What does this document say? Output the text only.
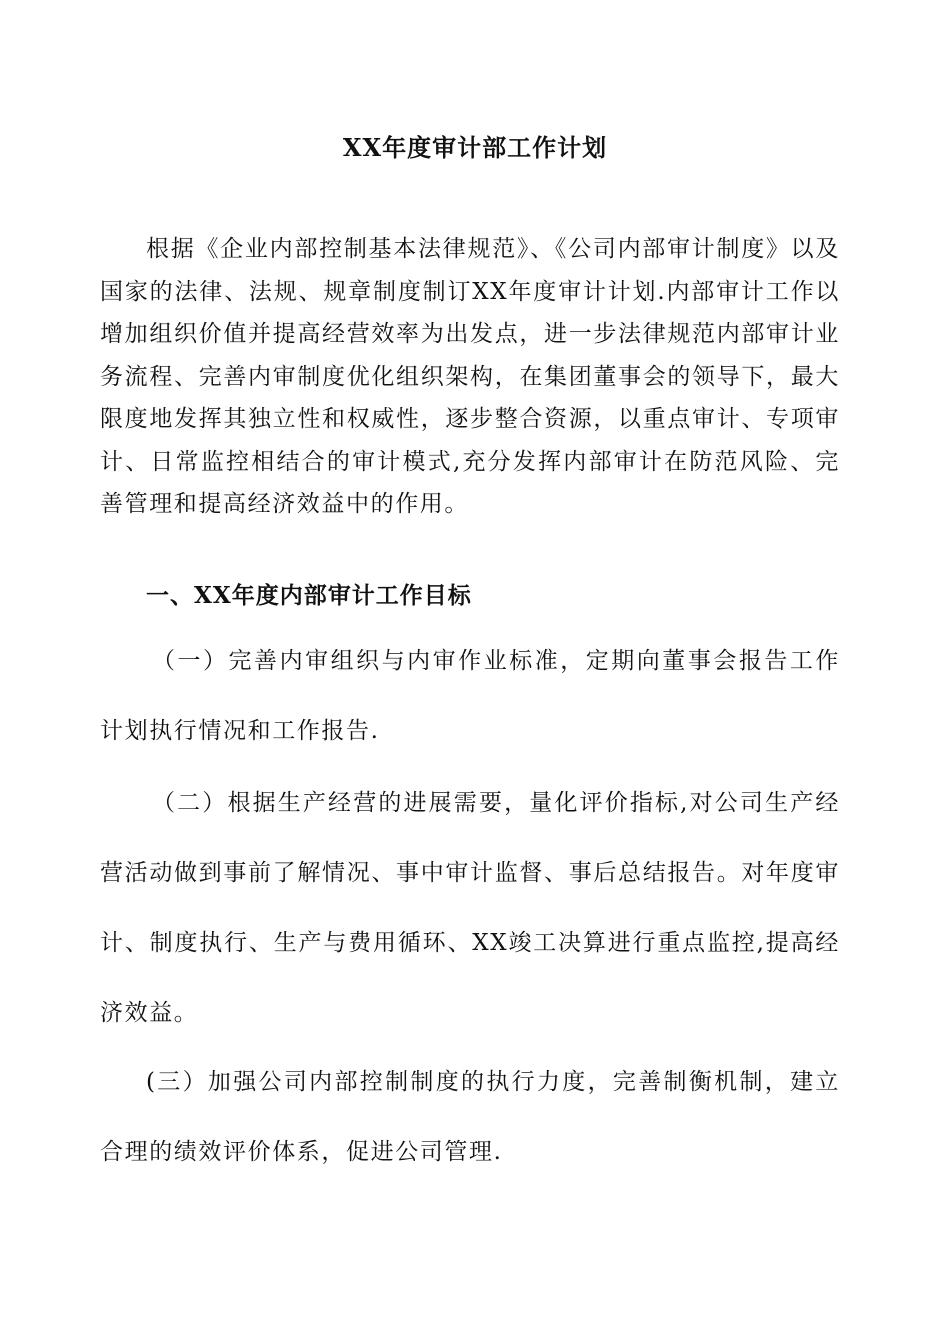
XX年度审计部工作计划

根据《企业内部控制基本法律规范》、《公司内部审计制度》以及国家的法律、法规、规章制度制订XX年度审计计划.内部审计工作以增加组织价值并提高经营效率为出发点，进一步法律规范内部审计业务流程、完善内审制度优化组织架构，在集团董事会的领导下，最大限度地发挥其独立性和权威性，逐步整合资源，以重点审计、专项审计、日常监控相结合的审计模式,充分发挥内部审计在防范风险、完善管理和提高经济效益中的作用。

一、XX年度内部审计工作目标

（一）完善内审组织与内审作业标准，定期向董事会报告工作计划执行情况和工作报告.

（二）根据生产经营的进展需要，量化评价指标,对公司生产经营活动做到事前了解情况、事中审计监督、事后总结报告。对年度审计、制度执行、生产与费用循环、XX竣工决算进行重点监控,提高经济效益。

(三）加强公司内部控制制度的执行力度，完善制衡机制，建立合理的绩效评价体系，促进公司管理.
